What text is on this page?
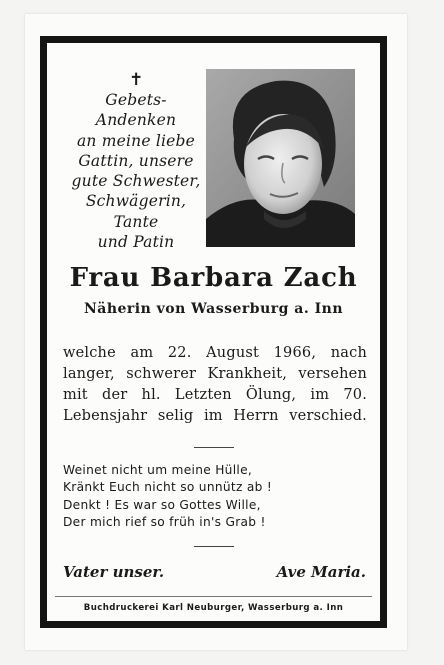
✝
Gebets-
Andenken
an meine liebe
Gattin, unsere
gute Schwester,
Schwägerin,
Tante
und Patin
Frau Barbara Zach
Näherin von Wasserburg a. Inn
welche am 22. August 1966, nach
langer, schwerer Krankheit, versehen
mit der hl. Letzten Ölung, im 70.
Lebensjahr selig im Herrn verschied.
Weinet nicht um meine Hülle,
Kränkt Euch nicht so unnütz ab !
Denkt ! Es war so Gottes Wille,
Der mich rief so früh in's Grab !
Vater unser.	Ave Maria.
Buchdruckerei Karl Neuburger, Wasserburg a. Inn
